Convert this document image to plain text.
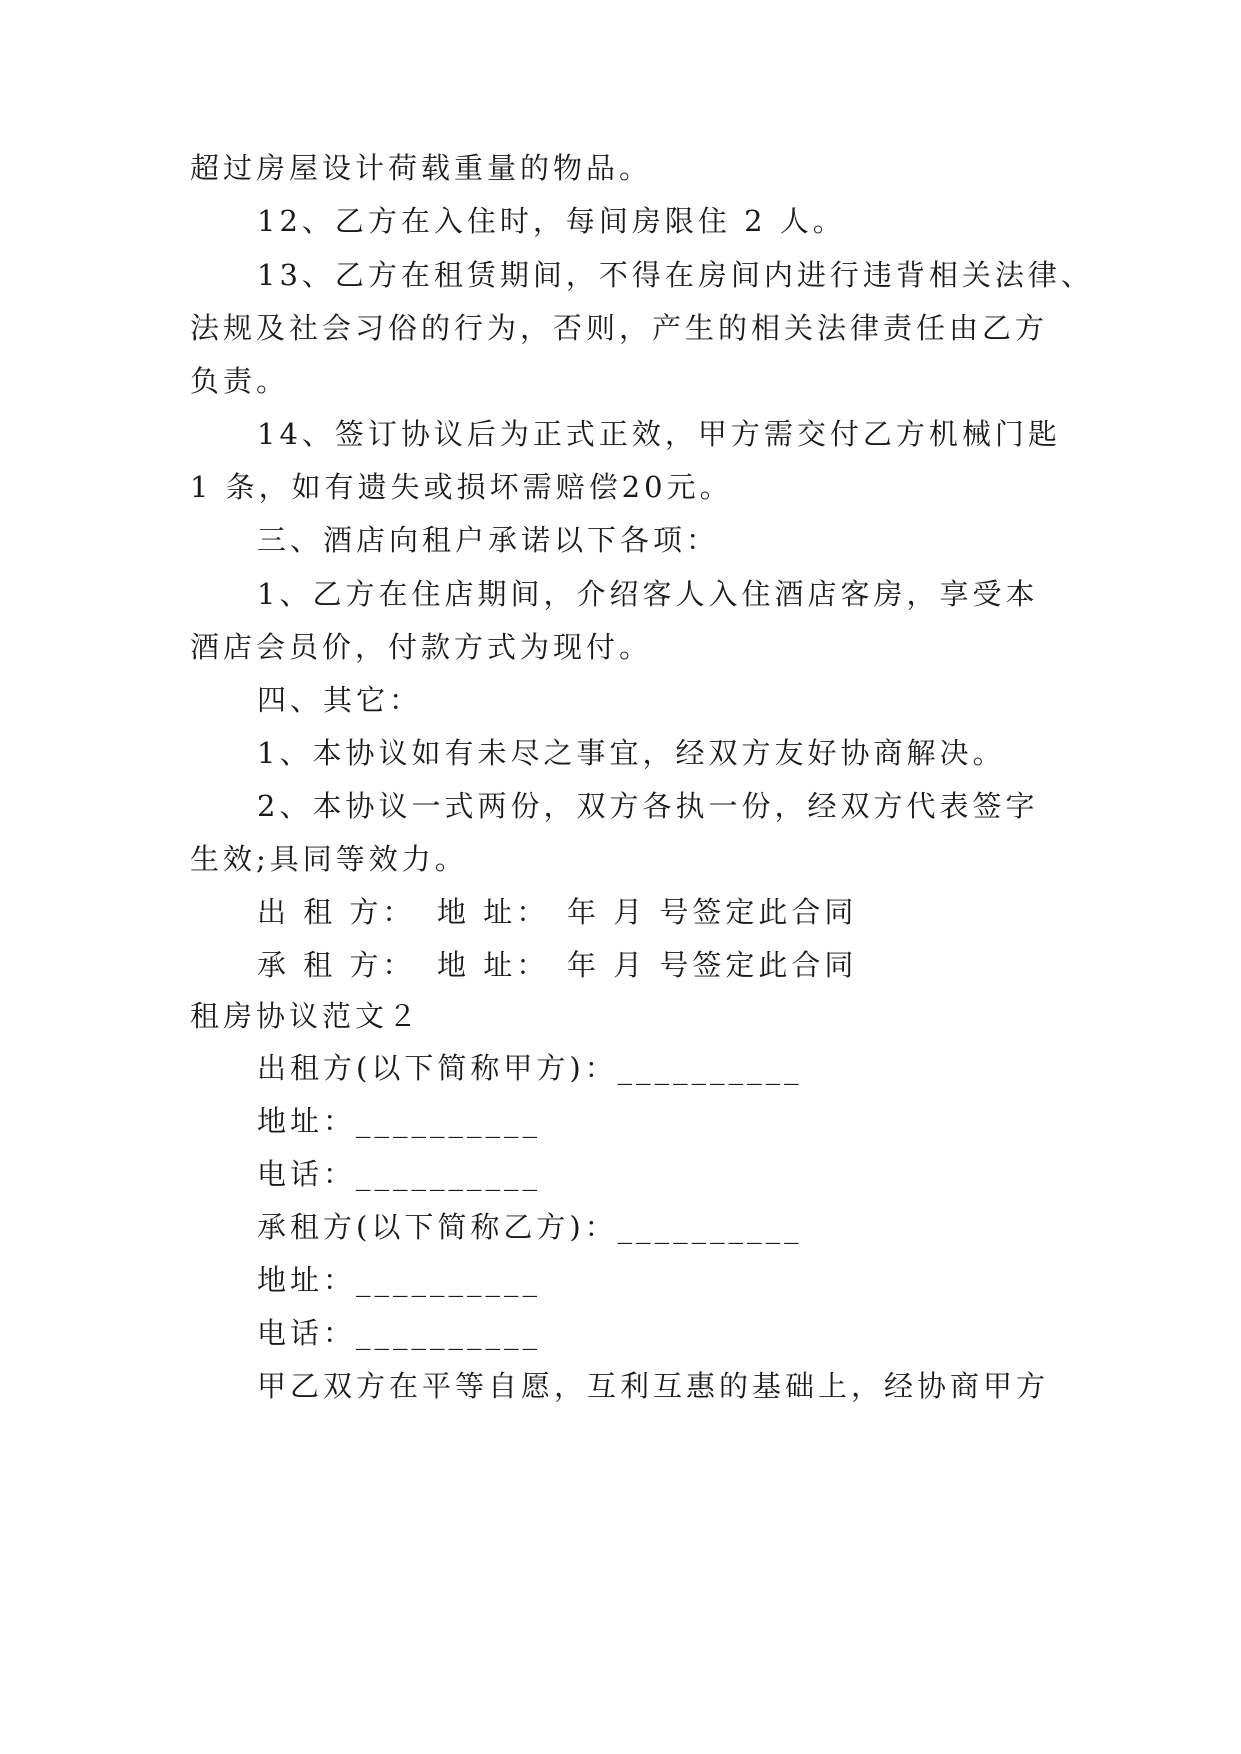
超过房屋设计荷载重量的物品。
12、乙方在入住时，每间房限住 2 人。
13、乙方在租赁期间，不得在房间内进行违背相关法律、
法规及社会习俗的行为，否则，产生的相关法律责任由乙方
负责。
14、签订协议后为正式正效，甲方需交付乙方机械门匙
1 条，如有遗失或损坏需赔偿20元。
三、酒店向租户承诺以下各项：
1、乙方在住店期间，介绍客人入住酒店客房，享受本
酒店会员价，付款方式为现付。
四、其它：
1、本协议如有未尽之事宜，经双方友好协商解决。
2、本协议一式两份，双方各执一份，经双方代表签字
生效;具同等效力。
出 租 方： 地 址： 年 月 号签定此合同
承 租 方： 地 址： 年 月 号签定此合同
租房协议范文２
出租方(以下简称甲方)：__________
地址：__________
电话：__________
承租方(以下简称乙方)：__________
地址：__________
电话：__________
甲乙双方在平等自愿，互利互惠的基础上，经协商甲方
